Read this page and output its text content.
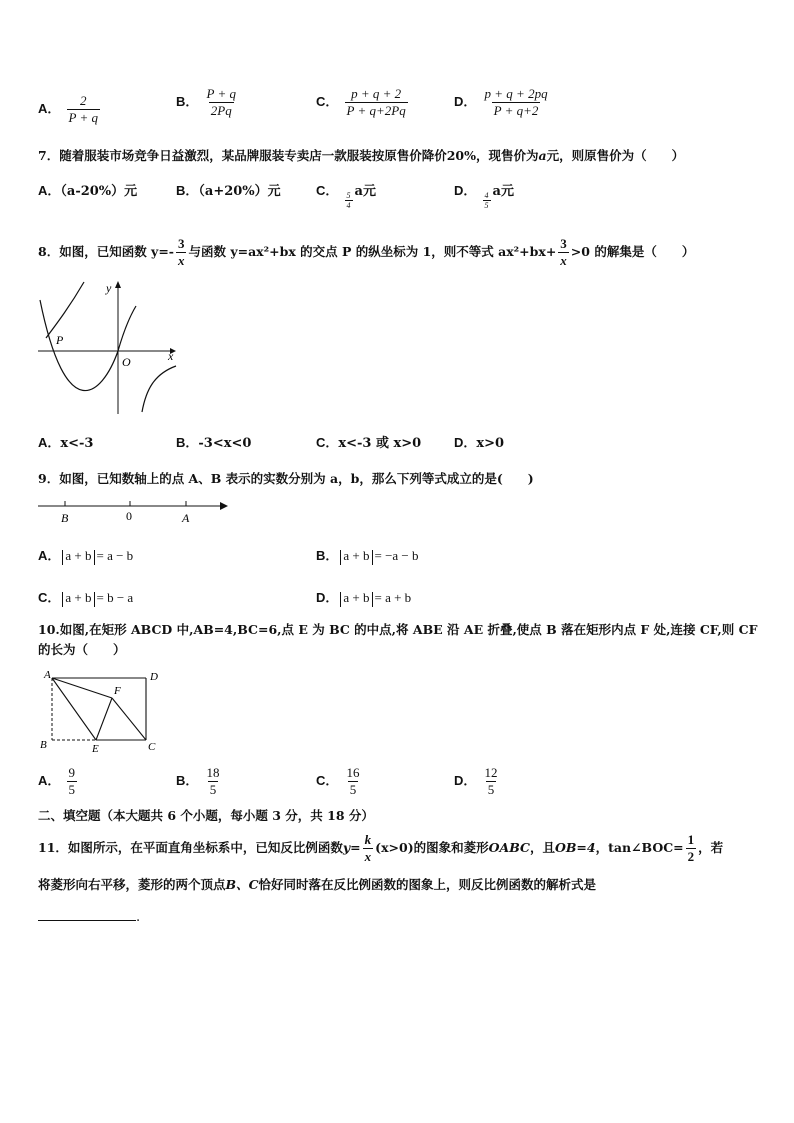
A． $\frac{2}{P + q}$	B． $\frac{P + q}{2Pq}$	C． $\frac{p + q + 2}{P + q+2Pq}$	D． $\frac{p + q + 2pq}{P + q+2}$
7．随着服装市场竞争日益激烈，某品牌服装专卖店一款服装按原售价降价20%，现售价为a元，则原售价为（　　）
A．（a-20%）元	B．（a+20%）元	C．
$\frac{5}{4}$ a元	D．
$\frac{4}{5}$ a元
8．如图，已知函数 $y=- \frac{3}{x}$ 与函数 y=ax²+bx 的交点 P 的纵坐标为 1，则不等式 $ax^2+bx+ \frac{3}{x} >0$ 的解集是（　　）
y
x
O
P
A．x<-3	B．-3<x<0	C．x<-3 或 x>0	D．x>0
9．如图，已知数轴上的点 A、B 表示的实数分别为 a，b，那么下列等式成立的是(　　)
B	0	A
A． a + b = a − b	B． a + b = −a − b
C． a + b = b − a	D． a + b = a + b
10.如图,在矩形 ABCD 中,AB=4,BC=6,点 E 为 BC 的中点,将 ABE 沿 AE 折叠,使点 B 落在矩形内点 F 处,连接 CF,则 CF
的长为（　　）
A	D
B	C
E
F
A． $\frac{9}{5}$	B． $\frac{18}{5}$	C． $\frac{16}{5}$	D． $\frac{12}{5}$
二、填空题（本大题共 6 个小题，每小题 3 分，共 18 分）
11．如图所示，在平面直角坐标系中，已知反比例函数$y= \frac{k}{x} (x>0)$的图象和菱形OABC，且OB=4，tan∠BOC= $\frac{1}{2}$ ，若
将菱形向右平移，菱形的两个顶点B、C恰好同时落在反比例函数的图象上，则反比例函数的解析式是
.
